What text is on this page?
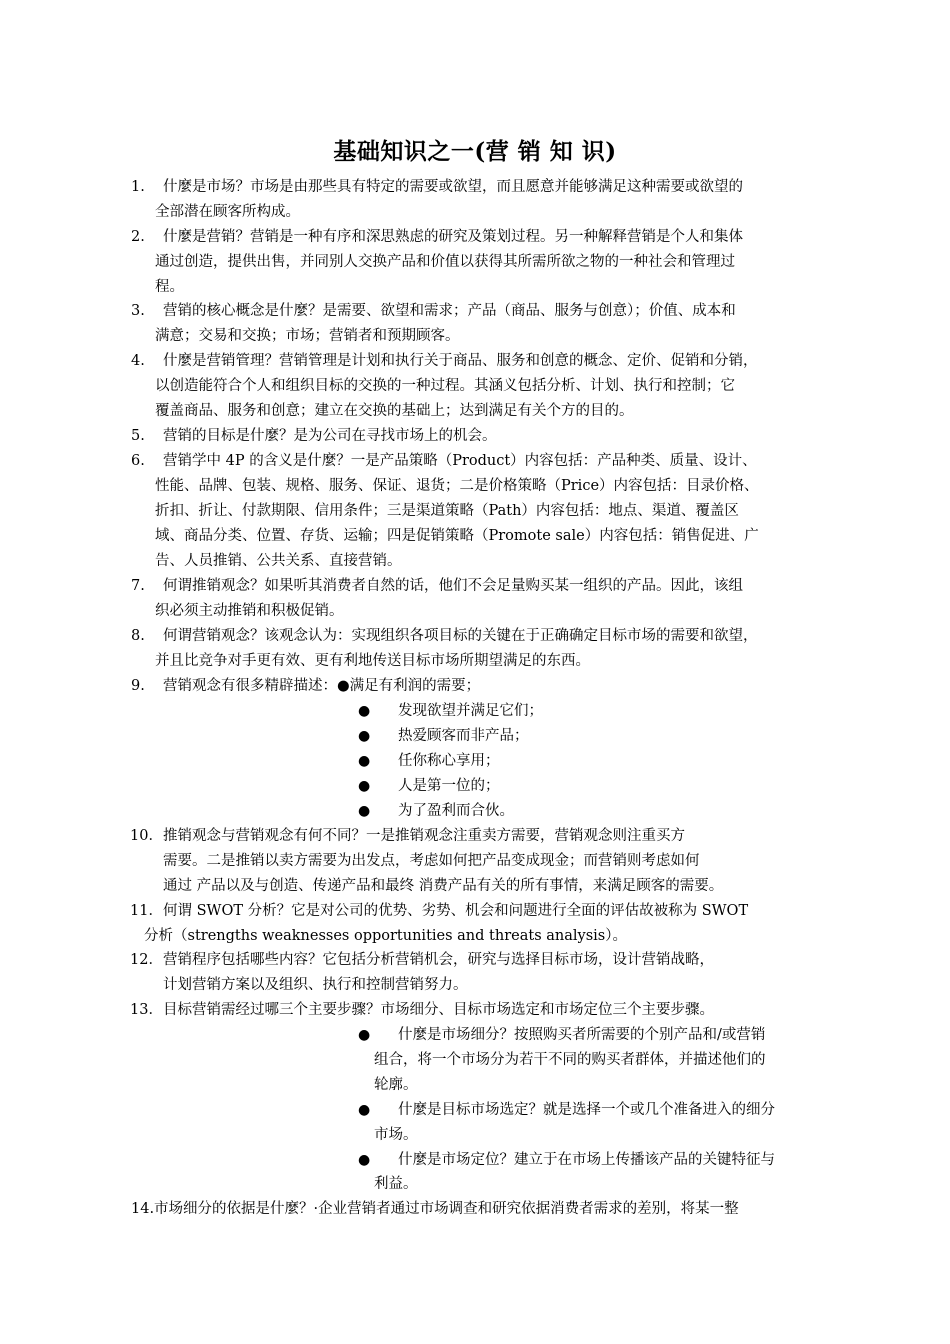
基础知识之一(营 销 知 识)
1. 什麼是市场？市场是由那些具有特定的需要或欲望，而且愿意并能够满足这种需要或欲望的
全部潜在顾客所构成。
2. 什麼是营销？营销是一种有序和深思熟虑的研究及策划过程。另一种解释营销是个人和集体
通过创造，提供出售，并同别人交换产品和价值以获得其所需所欲之物的一种社会和管理过
程。
3. 营销的核心概念是什麼？是需要、欲望和需求；产品（商品、服务与创意）；价值、成本和
满意；交易和交换；市场；营销者和预期顾客。
4. 什麼是营销管理？营销管理是计划和执行关于商品、服务和创意的概念、定价、促销和分销，
以创造能符合个人和组织目标的交换的一种过程。其涵义包括分析、计划、执行和控制；它
覆盖商品、服务和创意；建立在交换的基础上；达到满足有关个方的目的。
5. 营销的目标是什麼？是为公司在寻找市场上的机会。
6. 营销学中 4P 的含义是什麼？一是产品策略（Product）内容包括：产品种类、质量、设计、
性能、品牌、包装、规格、服务、保证、退货；二是价格策略（Price）内容包括：目录价格、
折扣、折让、付款期限、信用条件；三是渠道策略（Path）内容包括：地点、渠道、覆盖区
域、商品分类、位置、存货、运输；四是促销策略（Promote sale）内容包括：销售促进、广
告、人员推销、公共关系、直接营销。
7. 何谓推销观念？如果听其消费者自然的话，他们不会足量购买某一组织的产品。因此，该组
织必须主动推销和积极促销。
8. 何谓营销观念？该观念认为：实现组织各项目标的关键在于正确确定目标市场的需要和欲望，
并且比竞争对手更有效、更有利地传送目标市场所期望满足的东西。
9. 营销观念有很多精辟描述：●满足有利润的需要；
● 发现欲望并满足它们；
● 热爱顾客而非产品；
● 任你称心享用；
● 人是第一位的；
● 为了盈利而合伙。
10． 推销观念与营销观念有何不同？一是推销观念注重卖方需要，营销观念则注重买方
需要。二是推销以卖方需要为出发点，考虑如何把产品变成现金；而营销则考虑如何
通过 产品以及与创造、传递产品和最终 消费产品有关的所有事情，来满足顾客的需要。
11． 何谓 SWOT 分析？它是对公司的优势、劣势、机会和问题进行全面的评估故被称为 SWOT
分析（strengths weaknesses opportunities and threats analysis）。
12． 营销程序包括哪些内容？它包括分析营销机会，研究与选择目标市场，设计营销战略，
计划营销方案以及组织、执行和控制营销努力。
13． 目标营销需经过哪三个主要步骤？市场细分、目标市场选定和市场定位三个主要步骤。
● 什麼是市场细分？按照购买者所需要的个别产品和/或营销
组合，将一个市场分为若干不同的购买者群体，并描述他们的
轮廓。
● 什麼是目标市场选定？就是选择一个或几个准备进入的细分
市场。
● 什麼是市场定位？建立于在市场上传播该产品的关键特征与
利益。
14.市场细分的依据是什麼？·企业营销者通过市场调查和研究依据消费者需求的差别，将某一整
